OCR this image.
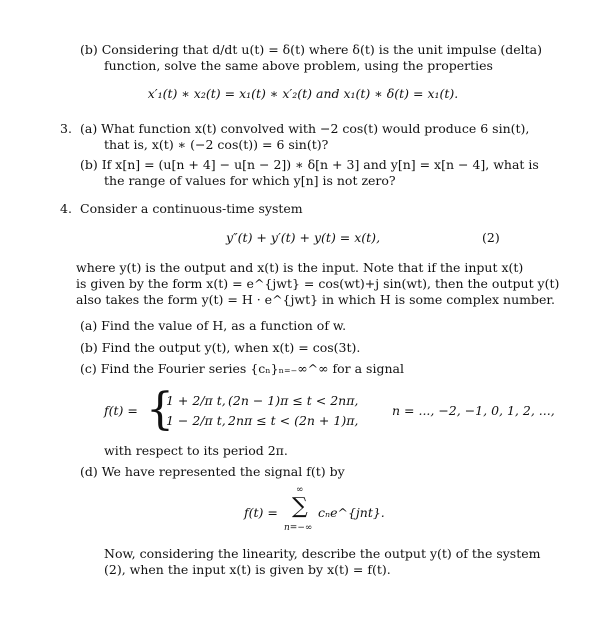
(b) Considering that d/dt u(t) = δ(t) where δ(t) is the unit impulse (delta)
function, solve the same above problem, using the properties
x′₁(t) ∗ x₂(t) = x₁(t) ∗ x′₂(t) and x₁(t) ∗ δ(t) = x₁(t).
3. (a) What function x(t) convolved with −2 cos(t) would produce 6 sin(t),
that is, x(t) ∗ (−2 cos(t)) = 6 sin(t)?
(b) If x[n] = (u[n + 4] − u[n − 2]) ∗ δ[n + 3] and y[n] = x[n − 4], what is
the range of values for which y[n] is not zero?
4. Consider a continuous-time system
y″(t) + y′(t) + y(t) = x(t),	(2)
where y(t) is the output and x(t) is the input. Note that if the input x(t)
is given by the form x(t) = e^{jwt} = cos(wt)+j sin(wt), then the output y(t)
also takes the form y(t) = H · e^{jwt} in which H is some complex number.
(a) Find the value of H, as a function of w.
(b) Find the output y(t), when x(t) = cos(3t).
(c) Find the Fourier series {cₙ}ₙ₌₋∞^∞ for a signal
f(t) = {
1 + 2/π t, (2n − 1)π ≤ t < 2nπ,
1 − 2/π t, 2nπ ≤ t < (2n + 1)π,
n = ..., −2, −1, 0, 1, 2, ...,
with respect to its period 2π.
(d) We have represented the signal f(t) by
f(t) =
∞
∑
n=−∞
cₙe^{jnt}.
Now, considering the linearity, describe the output y(t) of the system
(2), when the input x(t) is given by x(t) = f(t).
